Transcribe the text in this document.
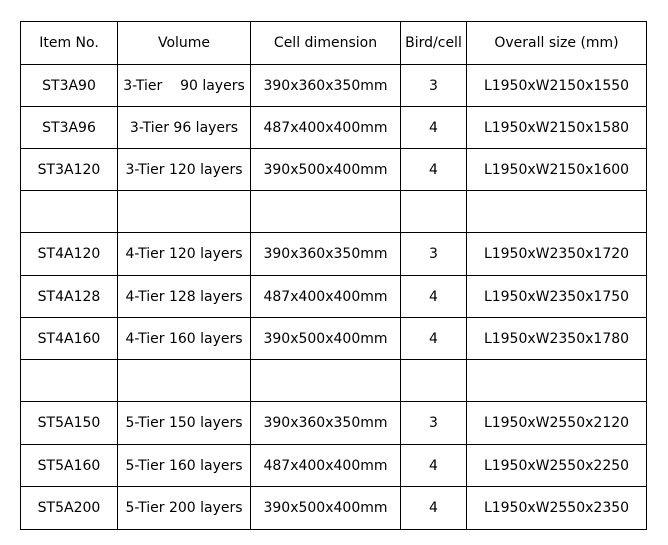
Item No.	Volume	Cell dimension	Bird/cell	Overall size (mm)
ST3A90	3-Tier    90 layers	390x360x350mm	3	L1950xW2150x1550
ST3A96	3-Tier 96 layers	487x400x400mm	4	L1950xW2150x1580
ST3A120	3-Tier 120 layers	390x500x400mm	4	L1950xW2150x1600

ST4A120	4-Tier 120 layers	390x360x350mm	3	L1950xW2350x1720
ST4A128	4-Tier 128 layers	487x400x400mm	4	L1950xW2350x1750
ST4A160	4-Tier 160 layers	390x500x400mm	4	L1950xW2350x1780

ST5A150	5-Tier 150 layers	390x360x350mm	3	L1950xW2550x2120
ST5A160	5-Tier 160 layers	487x400x400mm	4	L1950xW2550x2250
ST5A200	5-Tier 200 layers	390x500x400mm	4	L1950xW2550x2350
